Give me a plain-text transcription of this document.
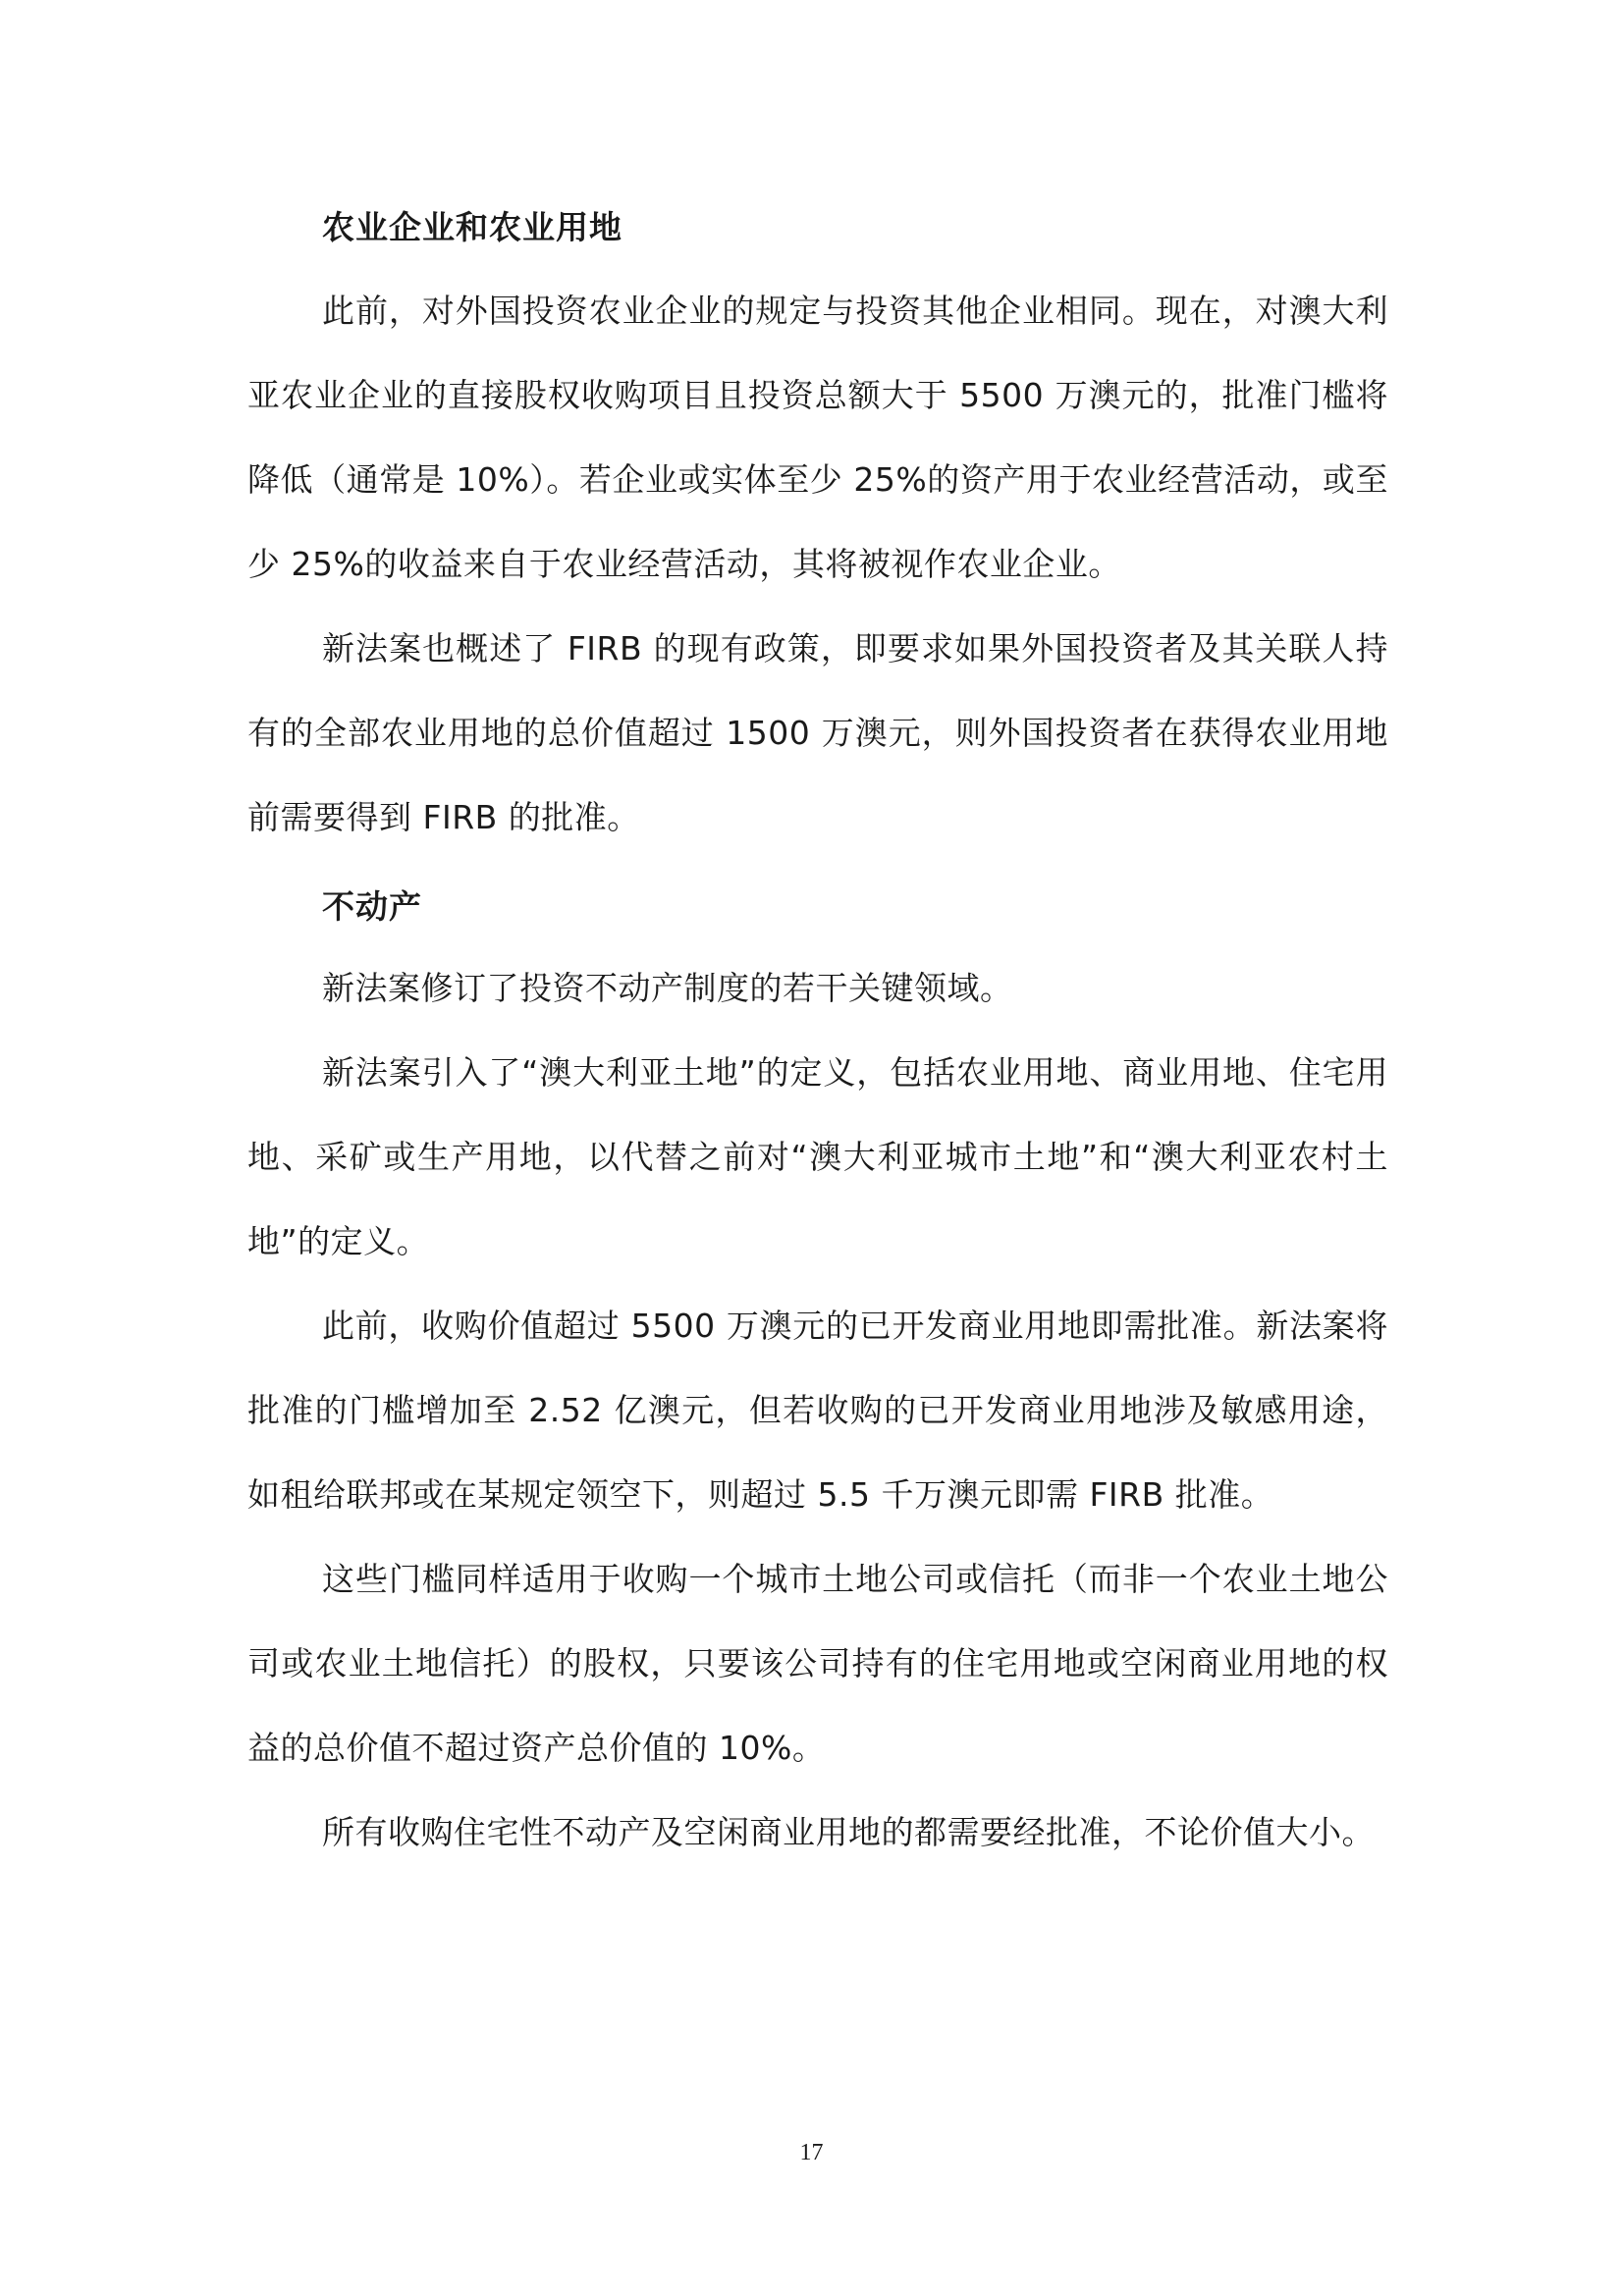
农业企业和农业用地

此前，对外国投资农业企业的规定与投资其他企业相同。现在，对澳大利亚农业企业的直接股权收购项目且投资总额大于 5500 万澳元的，批准门槛将降低（通常是 10%）。若企业或实体至少 25%的资产用于农业经营活动，或至少 25%的收益来自于农业经营活动，其将被视作农业企业。

新法案也概述了 FIRB 的现有政策，即要求如果外国投资者及其关联人持有的全部农业用地的总价值超过 1500 万澳元，则外国投资者在获得农业用地前需要得到 FIRB 的批准。

不动产

新法案修订了投资不动产制度的若干关键领域。

新法案引入了“澳大利亚土地”的定义，包括农业用地、商业用地、住宅用地、采矿或生产用地，以代替之前对“澳大利亚城市土地”和“澳大利亚农村土地”的定义。

此前，收购价值超过 5500 万澳元的已开发商业用地即需批准。新法案将批准的门槛增加至 2.52 亿澳元，但若收购的已开发商业用地涉及敏感用途，如租给联邦或在某规定领空下，则超过 5.5 千万澳元即需 FIRB 批准。

这些门槛同样适用于收购一个城市土地公司或信托（而非一个农业土地公司或农业土地信托）的股权，只要该公司持有的住宅用地或空闲商业用地的权益的总价值不超过资产总价值的 10%。

所有收购住宅性不动产及空闲商业用地的都需要经批准，不论价值大小。

17
